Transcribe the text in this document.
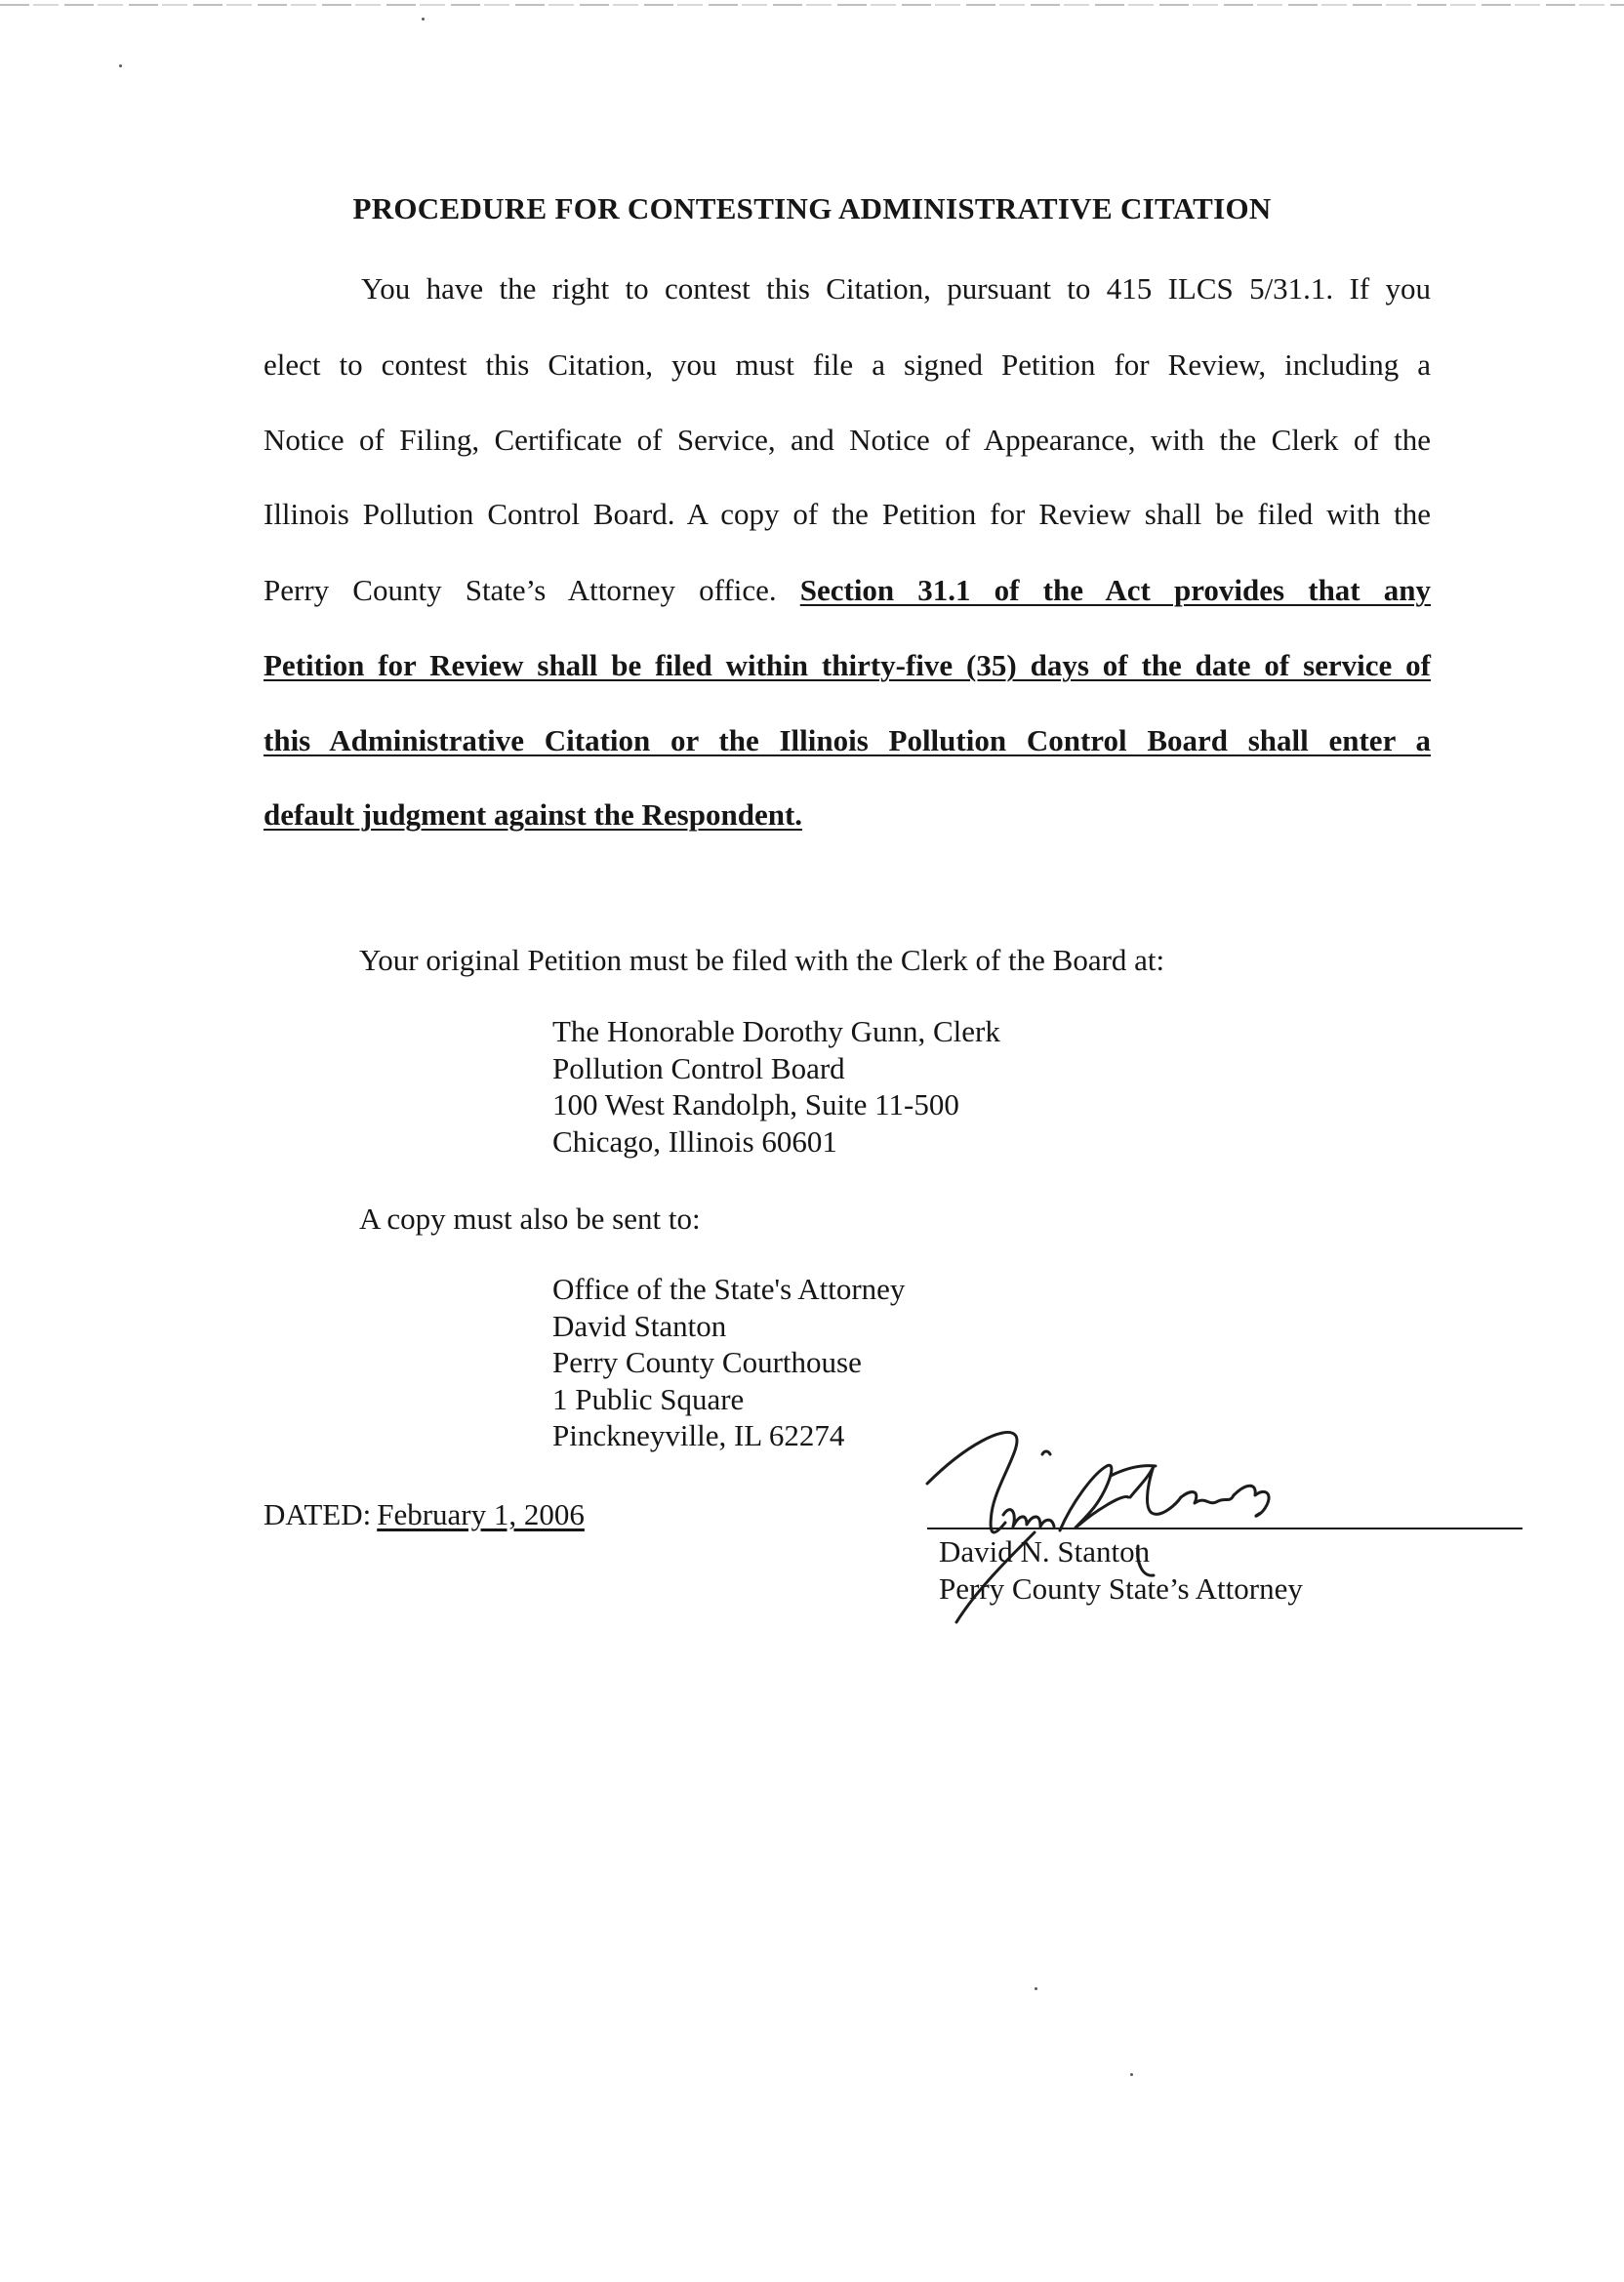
PROCEDURE FOR CONTESTING ADMINISTRATIVE CITATION
You have the right to contest this Citation, pursuant to 415 ILCS 5/31.1. If you
elect to contest this Citation, you must file a signed Petition for Review, including a
Notice of Filing, Certificate of Service, and Notice of Appearance, with the Clerk of the
Illinois Pollution Control Board. A copy of the Petition for Review shall be filed with the
Perry County State’s Attorney office. Section 31.1 of the Act provides that any
Petition for Review shall be filed within thirty-five (35) days of the date of service of
this Administrative Citation or the Illinois Pollution Control Board shall enter a
default judgment against the Respondent.
Your original Petition must be filed with the Clerk of the Board at:
The Honorable Dorothy Gunn, Clerk
Pollution Control Board
100 West Randolph, Suite 11-500
Chicago, Illinois 60601
A copy must also be sent to:
Office of the State's Attorney
David Stanton
Perry County Courthouse
1 Public Square
Pinckneyville, IL 62274
DATED: February 1, 2006
David N. Stanton
Perry County State’s Attorney
